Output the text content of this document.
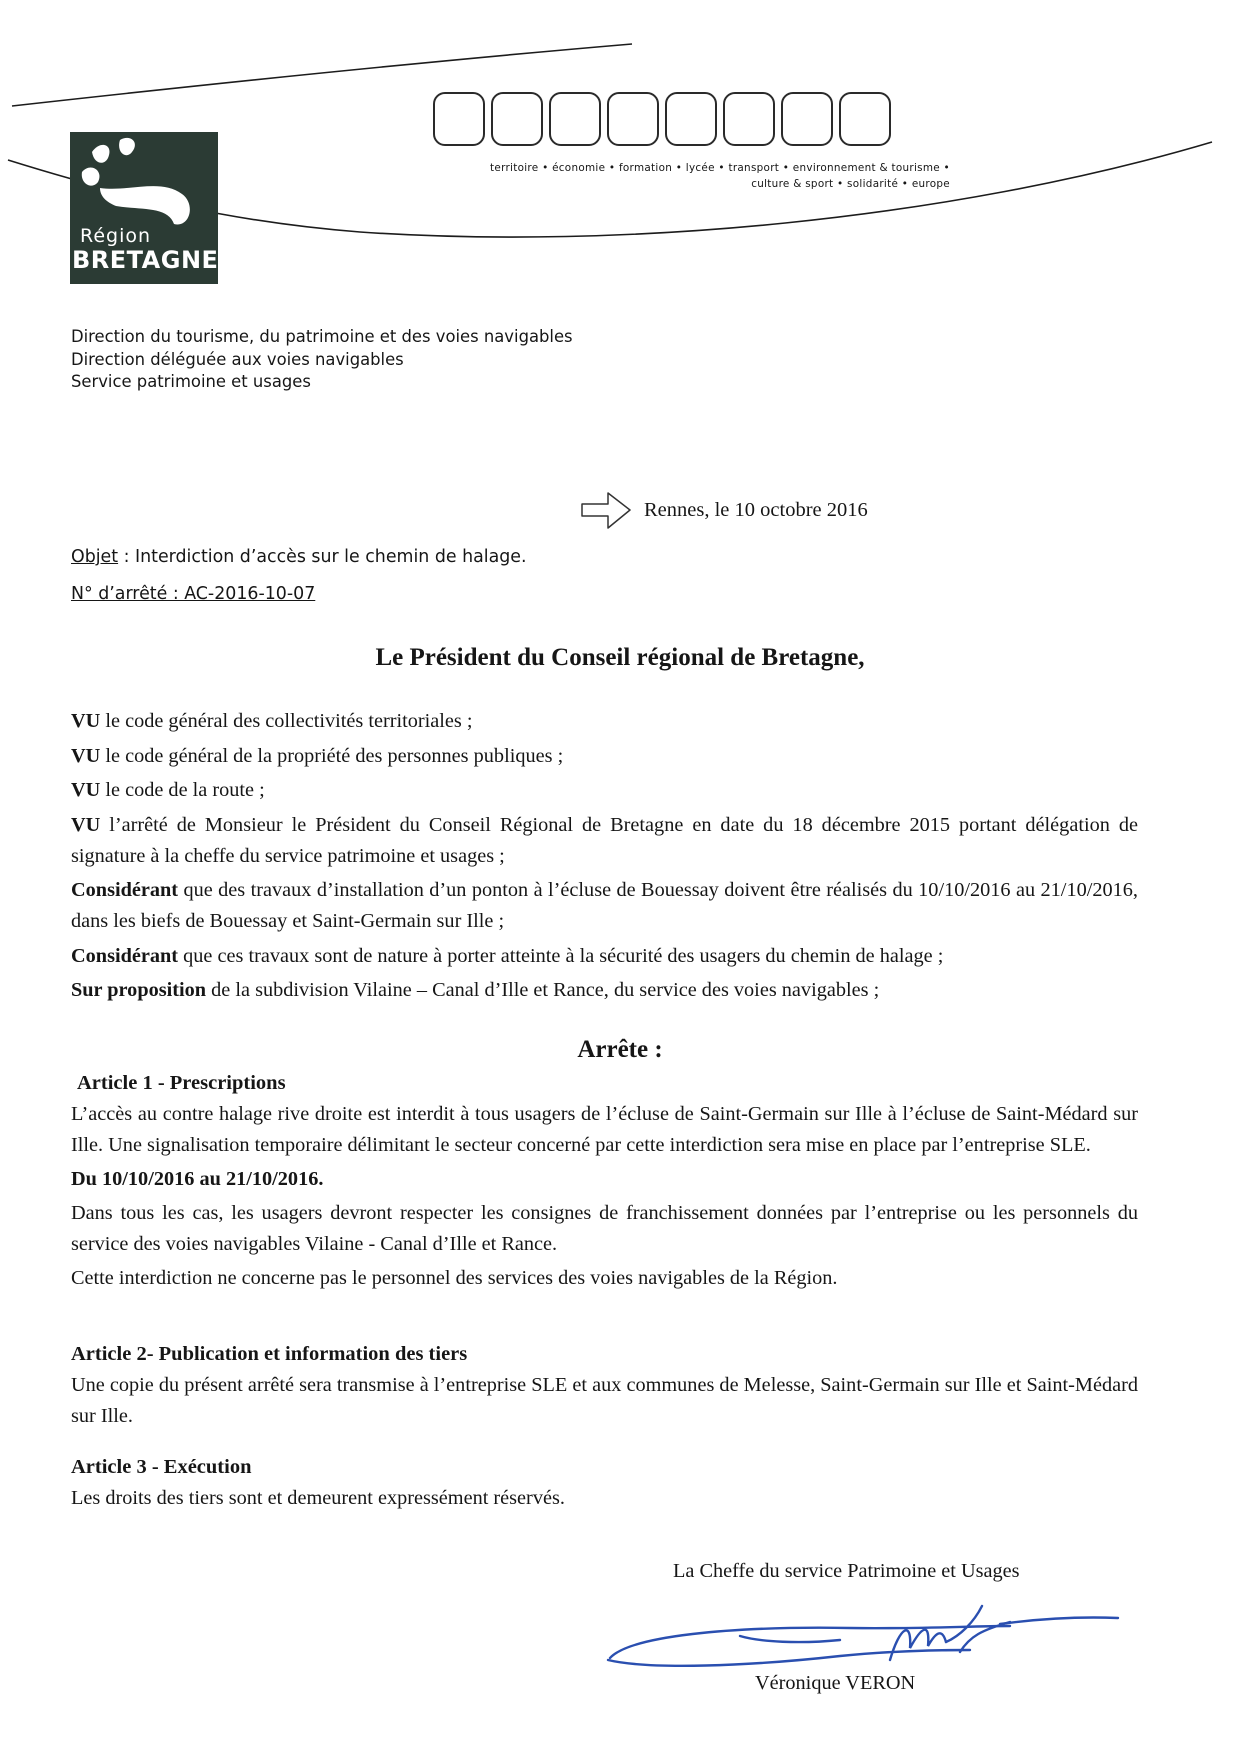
Région
BRETAGNE
territoire • économie • formation • lycée • transport • environnement & tourisme •
culture & sport • solidarité • europe
Direction du tourisme, du patrimoine et des voies navigables
Direction déléguée aux voies navigables
Service patrimoine et usages
Rennes, le 10 octobre 2016
Objet : Interdiction d’accès sur le chemin de halage.
N° d’arrêté : AC-2016-10-07
Le Président du Conseil régional de Bretagne,

VU le code général des collectivités territoriales ;

VU le code général de la propriété des personnes publiques ;

VU le code de la route ;

VU l’arrêté de Monsieur le Président du Conseil Régional de Bretagne en date du 18 décembre 2015 portant délégation de signature à la cheffe du service patrimoine et usages ;

Considérant que des travaux d’installation d’un ponton à l’écluse de Bouessay doivent être réalisés du 10/10/2016 au 21/10/2016, dans les biefs de Bouessay et Saint-Germain sur Ille ;

Considérant que ces travaux sont de nature à porter atteinte à la sécurité des usagers du chemin de halage ;

Sur proposition de la subdivision Vilaine – Canal d’Ille et Rance, du service des voies navigables ;

Arrête :
Article 1 - Prescriptions

L’accès au contre halage rive droite est interdit à tous usagers de l’écluse de Saint-Germain sur Ille à l’écluse de Saint-Médard sur Ille. Une signalisation temporaire délimitant le secteur concerné par cette interdiction sera mise en place par l’entreprise SLE.

Du 10/10/2016 au 21/10/2016.

Dans tous les cas, les usagers devront respecter les consignes de franchissement données par l’entreprise ou les personnels du service des voies navigables Vilaine - Canal d’Ille et Rance.

Cette interdiction ne concerne pas le personnel des services des voies navigables de la Région.

Article 2- Publication et information des tiers

Une copie du présent arrêté sera transmise à l’entreprise SLE et aux communes de Melesse, Saint-Germain sur Ille et Saint-Médard sur Ille.

Article 3 - Exécution

Les droits des tiers sont et demeurent expressément réservés.

La Cheffe du service Patrimoine et Usages
Véronique VERON
